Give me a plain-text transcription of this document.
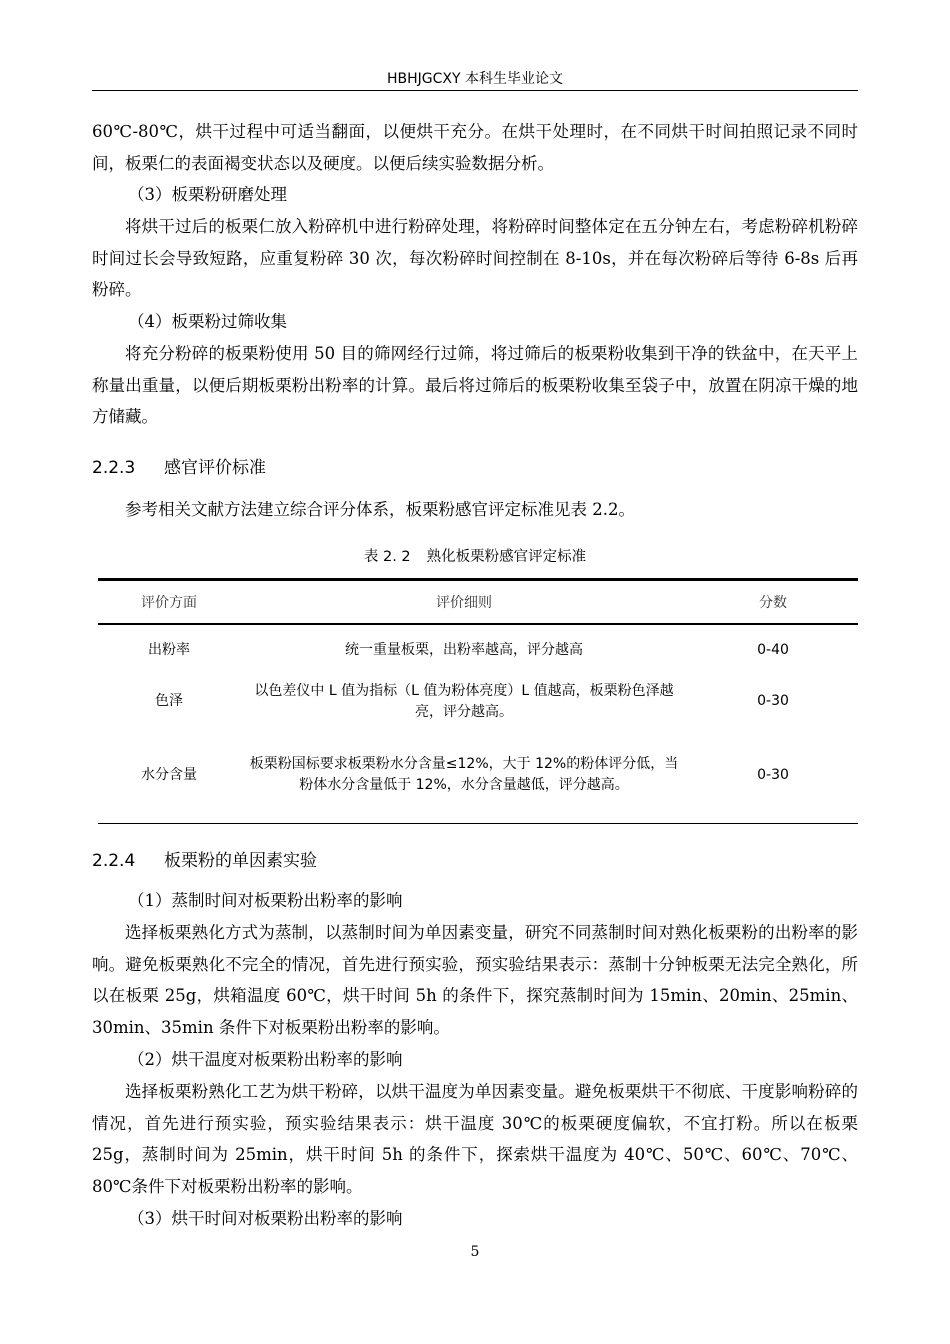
HBHJGCXY 本科生毕业论文

60℃-80℃，烘干过程中可适当翻面，以便烘干充分。在烘干处理时，在不同烘干时间拍照记录不同时间，板栗仁的表面褐变状态以及硬度。以便后续实验数据分析。

（3）板栗粉研磨处理

将烘干过后的板栗仁放入粉碎机中进行粉碎处理，将粉碎时间整体定在五分钟左右，考虑粉碎机粉碎时间过长会导致短路，应重复粉碎 30 次，每次粉碎时间控制在 8-10s，并在每次粉碎后等待 6-8s 后再粉碎。

（4）板栗粉过筛收集

将充分粉碎的板栗粉使用 50 目的筛网经行过筛，将过筛后的板栗粉收集到干净的铁盆中，在天平上称量出重量，以便后期板栗粉出粉率的计算。最后将过筛后的板栗粉收集至袋子中，放置在阴凉干燥的地方储藏。

2.2.3 感官评价标准

参考相关文献方法建立综合评分体系，板栗粉感官评定标准见表 2.2。

表 2. 2 熟化板栗粉感官评定标准
评价方面	评价细则	分数
出粉率	统一重量板栗，出粉率越高，评分越高	0-40
色泽	以色差仪中 L 值为指标（L 值为粉体亮度）L 值越高，板栗粉色泽越亮，评分越高。	0-30
水分含量	板栗粉国标要求板栗粉水分含量≤12%，大于 12%的粉体评分低，当粉体水分含量低于 12%，水分含量越低，评分越高。	0-30
2.2.4 板栗粉的单因素实验

（1）蒸制时间对板栗粉出粉率的影响

选择板栗熟化方式为蒸制，以蒸制时间为单因素变量，研究不同蒸制时间对熟化板栗粉的出粉率的影响。避免板栗熟化不完全的情况，首先进行预实验，预实验结果表示：蒸制十分钟板栗无法完全熟化，所以在板栗 25g，烘箱温度 60℃，烘干时间 5h 的条件下，探究蒸制时间为 15min、20min、25min、30min、35min 条件下对板栗粉出粉率的影响。

（2）烘干温度对板栗粉出粉率的影响

选择板栗粉熟化工艺为烘干粉碎，以烘干温度为单因素变量。避免板栗烘干不彻底、干度影响粉碎的情况，首先进行预实验，预实验结果表示：烘干温度 30℃的板栗硬度偏软，不宜打粉。所以在板栗 25g，蒸制时间为 25min，烘干时间 5h 的条件下，探索烘干温度为 40℃、50℃、60℃、70℃、80℃条件下对板栗粉出粉率的影响。

（3）烘干时间对板栗粉出粉率的影响

5
